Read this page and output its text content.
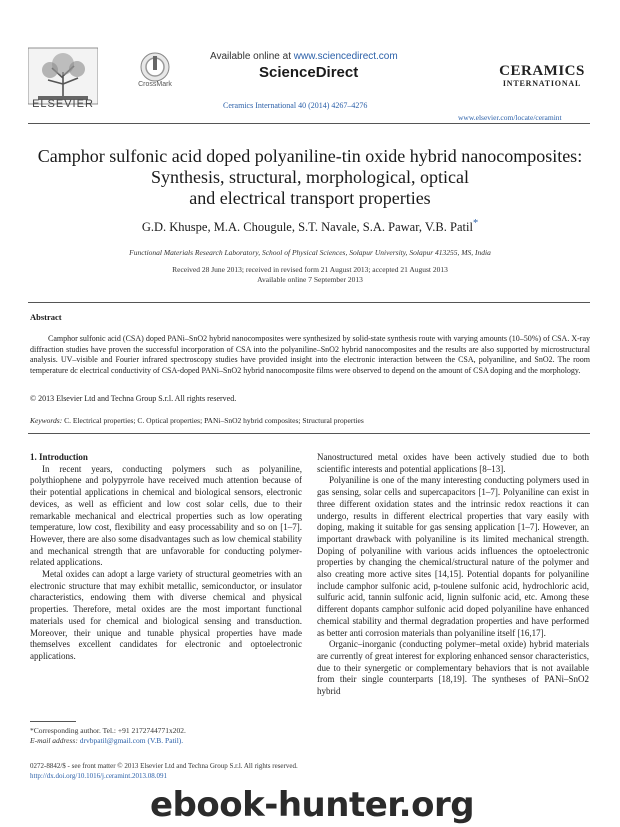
ELSEVIER
CrossMark
Available online at www.sciencedirect.com
ScienceDirect
Ceramics International 40 (2014) 4267–4276
CERAMICS
INTERNATIONAL
www.elsevier.com/locate/ceramint
Camphor sulfonic acid doped polyaniline-tin oxide hybrid nanocomposites:
Synthesis, structural, morphological, optical
and electrical transport properties
G.D. Khuspe, M.A. Chougule, S.T. Navale, S.A. Pawar, V.B. Patil*
Functional Materials Research Laboratory, School of Physical Sciences, Solapur University, Solapur 413255, MS, India
Received 28 June 2013; received in revised form 21 August 2013; accepted 21 August 2013
Available online 7 September 2013
Abstract
Camphor sulfonic acid (CSA) doped PANi–SnO2 hybrid nanocomposites were synthesized by solid-state synthesis route with varying amounts (10–50%) of CSA. X-ray diffraction studies have proven the successful incorporation of CSA into the polyaniline–SnO2 hybrid nanocomposites and the results are also supported by microstructural analysis. UV–visible and Fourier infrared spectroscopy studies have provided insight into the electronic interaction between the CSA, polyaniline, and SnO2. The room temperature dc electrical conductivity of CSA-doped PANi–SnO2 hybrid nanocomposite films were observed to depend on the amount of CSA doping and the morphology.
© 2013 Elsevier Ltd and Techna Group S.r.l. All rights reserved.
Keywords: C. Electrical properties; C. Optical properties; PANi–SnO2 hybrid composites; Structural properties

1. Introduction

In recent years, conducting polymers such as polyaniline, polythiophene and polypyrrole have received much attention because of their potential applications in chemical and biological sensors, electronic devices, as well as efficient and low cost solar cells, due to their remarkable mechanical and electrical properties such as low operating temperature, low cost, flexibility and easy processability and so on [1–7]. However, there are also some disadvantages such as low chemical stability and mechanical strength that are unfavorable for conducting polymer-related applications.

Metal oxides can adopt a large variety of structural geometries with an electronic structure that may exhibit metallic, semiconductor, or insulator characteristics, endowing them with diverse chemical and physical properties. Therefore, metal oxides are the most important functional materials used for chemical and biological sensing and transduction. Moreover, their unique and tunable physical properties have made themselves excellent candidates for electronic and optoelectronic applications.

Nanostructured metal oxides have been actively studied due to both scientific interests and potential applications [8–13].

Polyaniline is one of the many interesting conducting polymers used in gas sensing, solar cells and supercapacitors [1–7]. Polyaniline can exist in three different oxidation states and the intrinsic redox reactions it can undergo, results in different electrical properties that vary easily with doping, making it suitable for gas sensing application [1–7]. However, an important drawback with polyaniline is its limited mechanical strength. Doping of polyaniline with various acids influences the optoelectronic properties by changing the chemical/structural nature of the polymer and also creating more active sites [14,15]. Potential dopants for polyaniline include camphor sulfonic acid, p-toulene sulfonic acid, hydrochloric acid, sulfuric acid, tannin sulfonic acid, lignin sulfonic acid, etc. Among these different dopants camphor sulfonic acid doped polyaniline have enhanced chemical stability and thermal degradation properties and have performed as better anti corrosion materials than polyaniline itself [16,17].

Organic–inorganic (conducting polymer–metal oxide) hybrid materials are currently of great interest for exploring enhanced sensor characteristics, due to their synergetic or complementary behaviors that is not available from their single counterparts [18,19]. The syntheses of PANi–SnO2 hybrid

*Corresponding author. Tel.: +91 2172744771x202.
E-mail address: drvbpatil@gmail.com (V.B. Patil).
0272-8842/$ - see front matter © 2013 Elsevier Ltd and Techna Group S.r.l. All rights reserved.
http://dx.doi.org/10.1016/j.ceramint.2013.08.091
ebook-hunter.org
